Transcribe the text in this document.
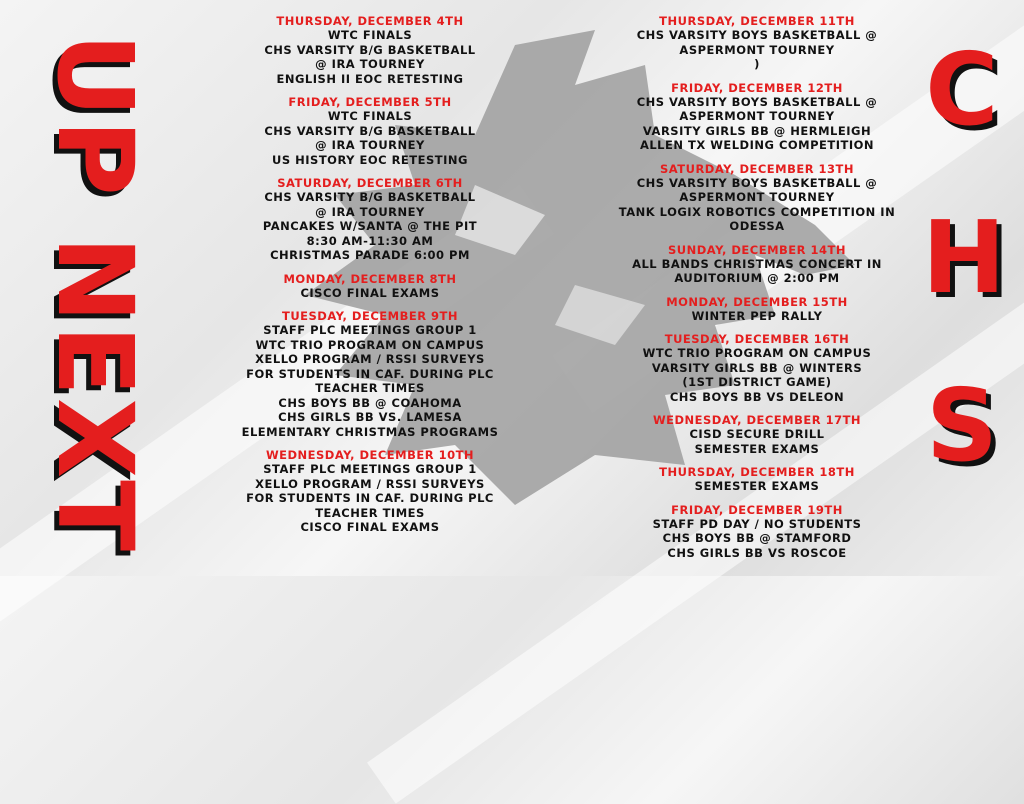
UP NEXT	C
H
S
THURSDAY, DECEMBER 4TH
WTC FINALS
CHS VARSITY B/G BASKETBALL
@ IRA TOURNEY
ENGLISH II EOC RETESTING
FRIDAY, DECEMBER 5TH
WTC FINALS
CHS VARSITY B/G BASKETBALL
@ IRA TOURNEY
US HISTORY EOC RETESTING
SATURDAY, DECEMBER 6TH
CHS VARSITY B/G BASKETBALL
@ IRA TOURNEY
PANCAKES W/SANTA @ THE PIT
8:30 AM-11:30 AM
CHRISTMAS PARADE 6:00 PM
MONDAY, DECEMBER 8TH
CISCO FINAL EXAMS
TUESDAY, DECEMBER 9TH
STAFF PLC MEETINGS GROUP 1
WTC TRIO PROGRAM ON CAMPUS
XELLO PROGRAM / RSSI SURVEYS
FOR STUDENTS IN CAF. DURING PLC
TEACHER TIMES
CHS BOYS BB @ COAHOMA
CHS GIRLS BB VS. LAMESA
ELEMENTARY CHRISTMAS PROGRAMS
WEDNESDAY, DECEMBER 10TH
STAFF PLC MEETINGS GROUP 1
XELLO PROGRAM / RSSI SURVEYS
FOR STUDENTS IN CAF. DURING PLC
TEACHER TIMES
CISCO FINAL EXAMS
THURSDAY, DECEMBER 11TH
CHS VARSITY BOYS BASKETBALL @
ASPERMONT TOURNEY
)
FRIDAY, DECEMBER 12TH
CHS VARSITY BOYS BASKETBALL @
ASPERMONT TOURNEY
VARSITY GIRLS BB @ HERMLEIGH
ALLEN TX WELDING COMPETITION
SATURDAY, DECEMBER 13TH
CHS VARSITY BOYS BASKETBALL @
ASPERMONT TOURNEY
TANK LOGIX ROBOTICS COMPETITION IN
ODESSA
SUNDAY, DECEMBER 14TH
ALL BANDS CHRISTMAS CONCERT IN
AUDITORIUM @ 2:00 PM
MONDAY, DECEMBER 15TH
WINTER PEP RALLY
TUESDAY, DECEMBER 16TH
WTC TRIO PROGRAM ON CAMPUS
VARSITY GIRLS BB @ WINTERS
(1ST DISTRICT GAME)
CHS BOYS BB VS DELEON
WEDNESDAY, DECEMBER 17TH
CISD SECURE DRILL
SEMESTER EXAMS
THURSDAY, DECEMBER 18TH
SEMESTER EXAMS
FRIDAY, DECEMBER 19TH
STAFF PD DAY / NO STUDENTS
CHS BOYS BB @ STAMFORD
CHS GIRLS BB VS ROSCOE
